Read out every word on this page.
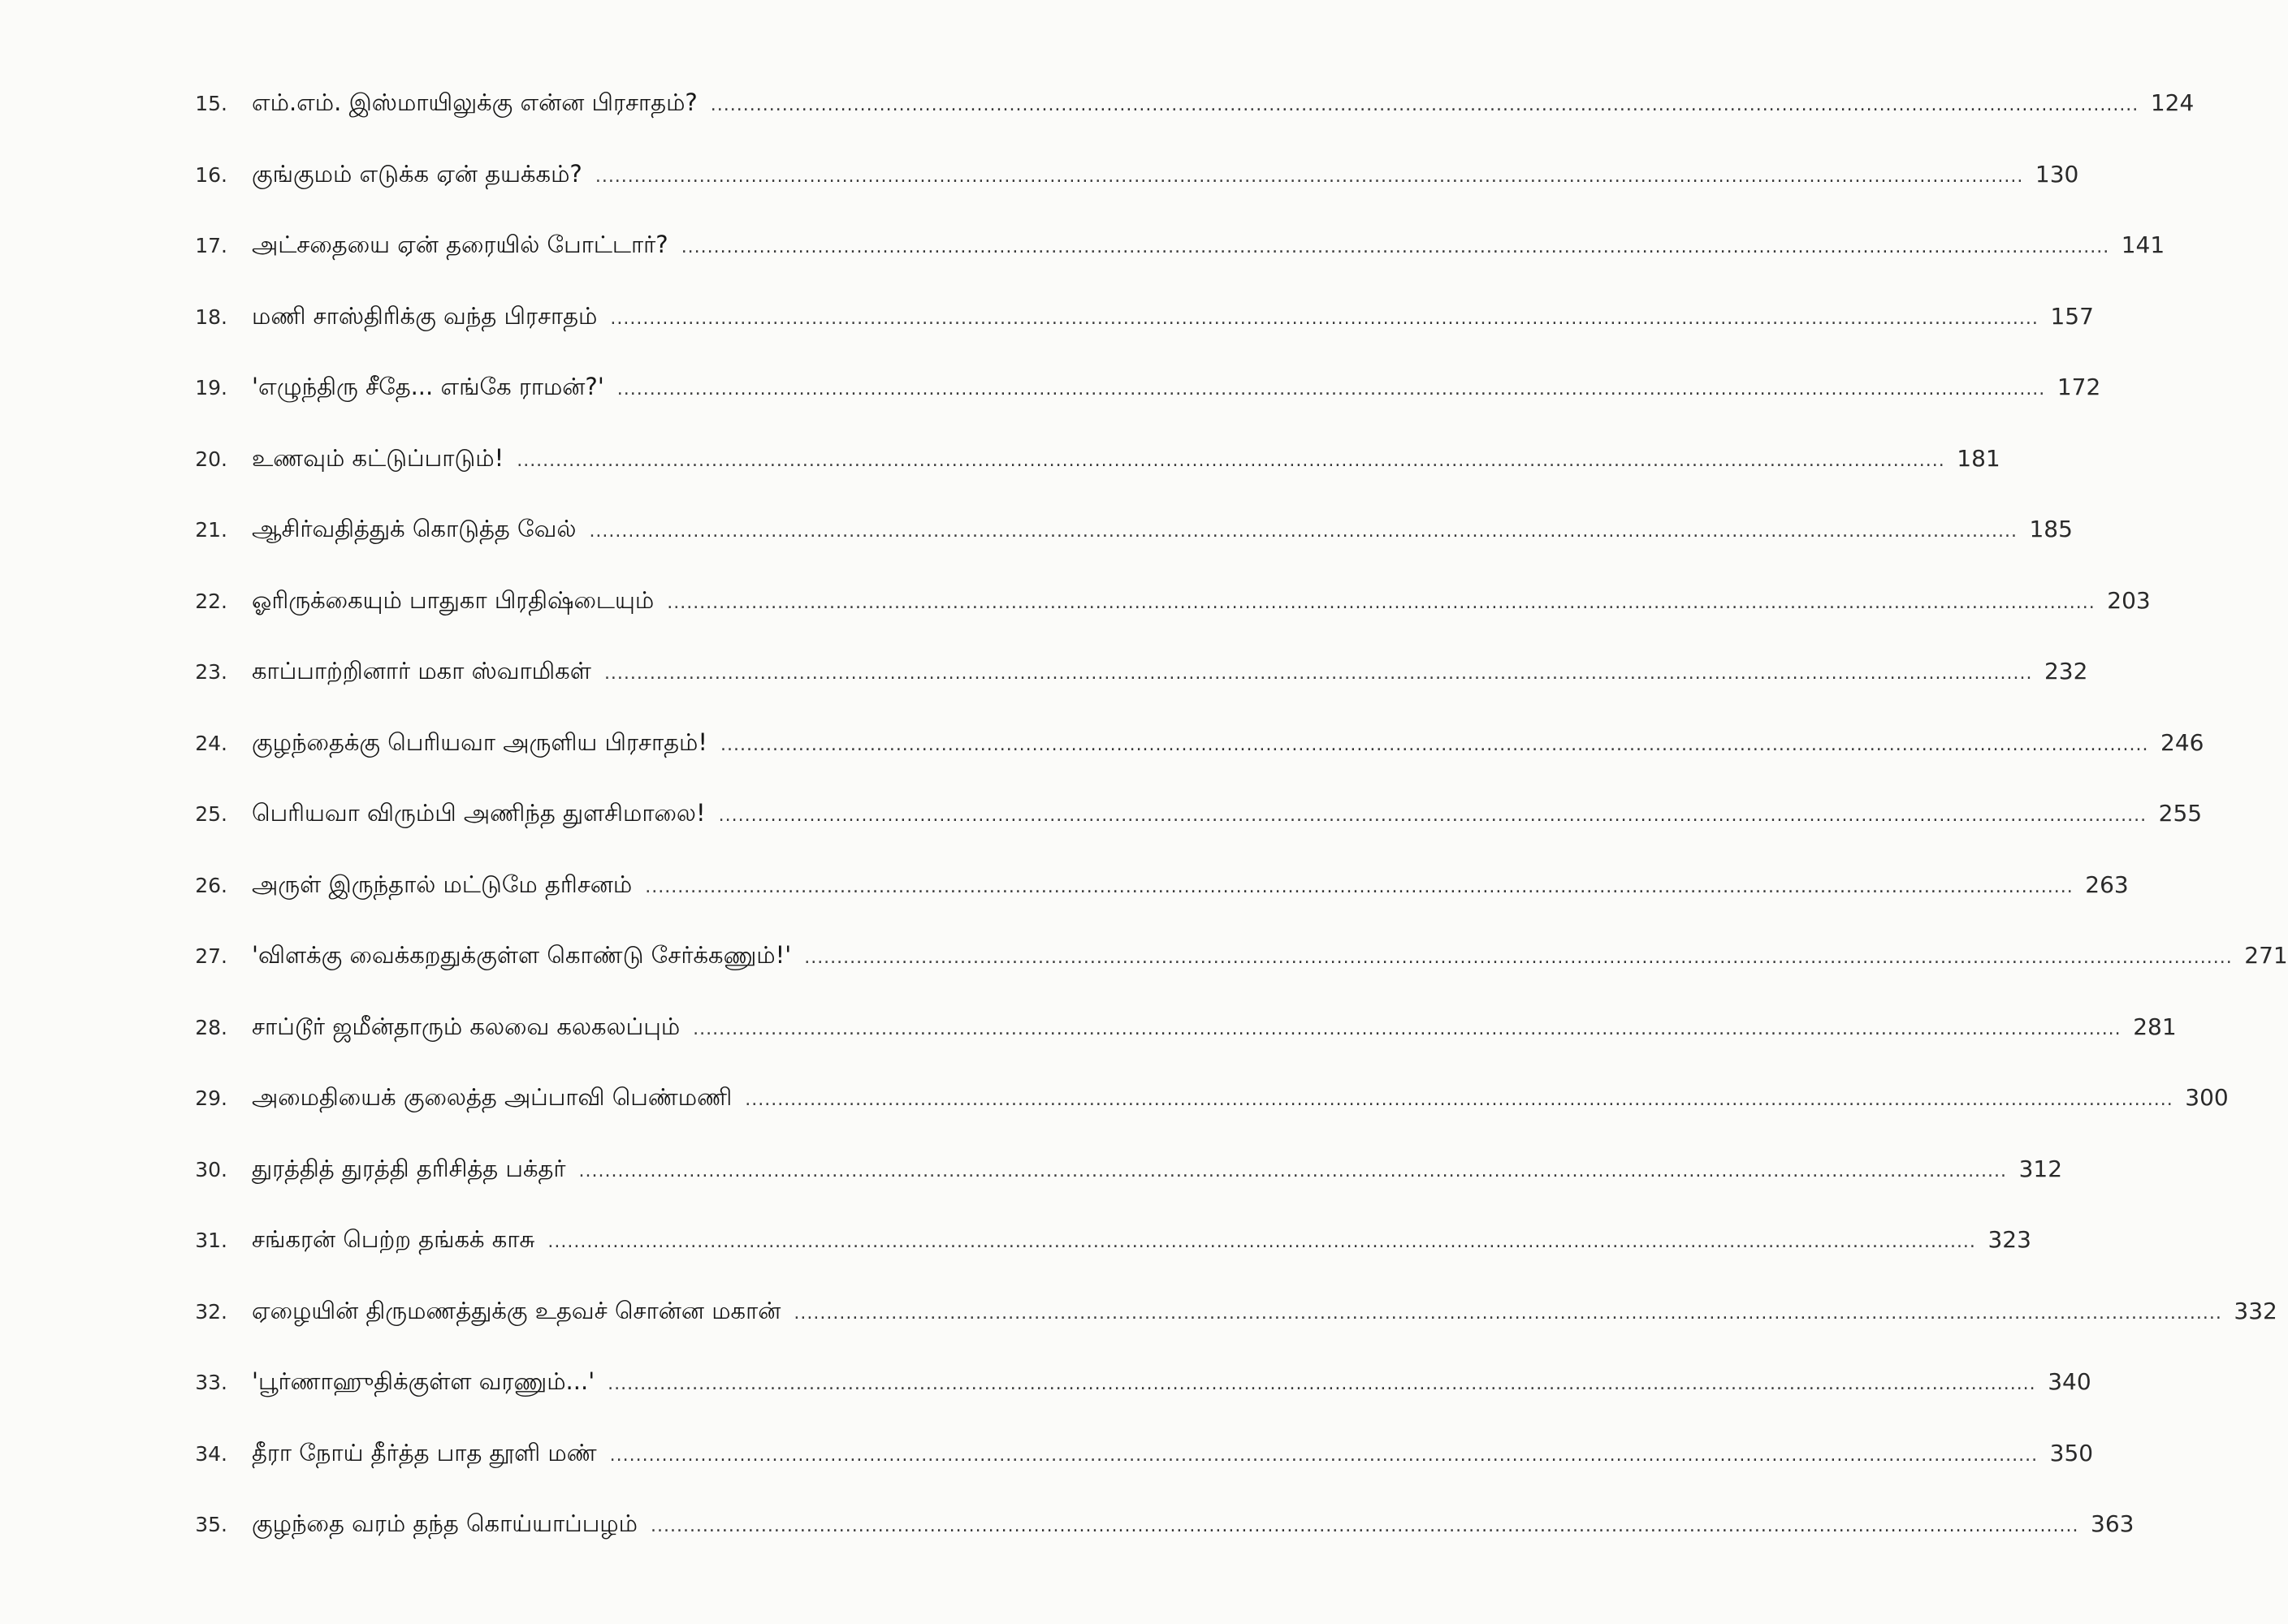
15. எம்.எம். இஸ்மாயிலுக்கு என்ன பிரசாதம்? ............................................................................................................................................................................................................................ 124
16. குங்குமம் எடுக்க ஏன் தயக்கம்? ............................................................................................................................................................................................................................ 130
17. அட்சதையை ஏன் தரையில் போட்டார்? ............................................................................................................................................................................................................................ 141
18. மணி சாஸ்திரிக்கு வந்த பிரசாதம் ............................................................................................................................................................................................................................ 157
19. 'எழுந்திரு சீதே... எங்கே ராமன்?' ............................................................................................................................................................................................................................ 172
20. உணவும் கட்டுப்பாடும்! ............................................................................................................................................................................................................................ 181
21. ஆசிர்வதித்துக் கொடுத்த வேல் ............................................................................................................................................................................................................................ 185
22. ஓரிருக்கையும் பாதுகா பிரதிஷ்டையும் ............................................................................................................................................................................................................................ 203
23. காப்பாற்றினார் மகா ஸ்வாமிகள் ............................................................................................................................................................................................................................ 232
24. குழந்தைக்கு பெரியவா அருளிய பிரசாதம்! ............................................................................................................................................................................................................................ 246
25. பெரியவா விரும்பி அணிந்த துளசிமாலை! ............................................................................................................................................................................................................................ 255
26. அருள் இருந்தால் மட்டுமே தரிசனம் ............................................................................................................................................................................................................................ 263
27. 'விளக்கு வைக்கறதுக்குள்ள கொண்டு சேர்க்கணும்!' ............................................................................................................................................................................................................................ 271
28. சாப்டூர் ஜமீன்தாரும் கலவை கலகலப்பும் ............................................................................................................................................................................................................................ 281
29. அமைதியைக் குலைத்த அப்பாவி பெண்மணி ............................................................................................................................................................................................................................ 300
30. துரத்தித் துரத்தி தரிசித்த பக்தர் ............................................................................................................................................................................................................................ 312
31. சங்கரன் பெற்ற தங்கக் காசு ............................................................................................................................................................................................................................ 323
32. ஏழையின் திருமணத்துக்கு உதவச் சொன்ன மகான் ............................................................................................................................................................................................................................ 332
33. 'பூர்ணாஹுதிக்குள்ள வரணும்...' ............................................................................................................................................................................................................................ 340
34. தீரா நோய் தீர்த்த பாத தூளி மண் ............................................................................................................................................................................................................................ 350
35. குழந்தை வரம் தந்த கொய்யாப்பழம் ............................................................................................................................................................................................................................ 363
